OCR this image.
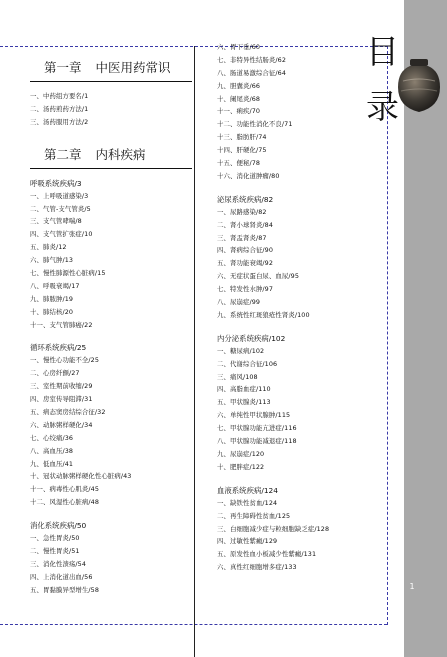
目
录
1
第一章 中医用药常识
一、中药组方要名/1
二、汤药煎药方法/1
三、汤药服用方法/2
第二章 内科疾病
呼吸系统疾病/3
一、上呼吸道感染/3
二、气管-支气管炎/5
三、支气管哮喘/8
四、支气管扩张症/10
五、肺炎/12
六、肺气肿/13
七、慢性肺源性心脏病/15
八、呼吸衰竭/17
九、肺脓肿/19
十、肺结核/20
十一、支气管肺癌/22
循环系统疾病/25
一、慢性心功能不全/25
二、心房纤颤/27
三、室性期前收缩/29
四、房室传导阻滞/31
五、病态窦房结综合征/32
六、动脉粥样硬化/34
七、心绞痛/36
八、高血压/38
九、低血压/41
十、冠状动脉粥样硬化性心脏病/43
十一、病毒性心肌炎/45
十二、风湿性心脏病/48
消化系统疾病/50
一、急性胃炎/50
二、慢性胃炎/51
三、消化性溃疡/54
四、上消化道出血/56
五、胃黏膜异型增生/58
六、胃下垂/60
七、非特异性结肠炎/62
八、肠道易激综合征/64
九、胆囊炎/66
十、阑尾炎/68
十一、痢疾/70
十二、功能性消化不良/71
十三、脂肪肝/74
十四、肝硬化/75
十五、便秘/78
十六、消化道肿瘤/80
泌尿系统疾病/82
一、尿路感染/82
二、肾小球肾炎/84
三、肾盂肾炎/87
四、肾病综合征/90
五、肾功能衰竭/92
六、无症状蛋白尿、血尿/95
七、特发性水肿/97
八、尿崩症/99
九、系统性红斑狼疮性肾炎/100
内分泌系统疾病/102
一、糖尿病/102
二、代谢综合征/106
三、痛风/108
四、高脂血症/110
五、甲状腺炎/113
六、单纯性甲状腺肿/115
七、甲状腺功能亢进症/116
八、甲状腺功能减退症/118
九、尿崩症/120
十、肥胖症/122
血液系统疾病/124
一、缺铁性贫血/124
二、再生障碍性贫血/125
三、白细胞减少症与粒细胞缺乏症/128
四、过敏性紫癜/129
五、原发性血小板减少性紫癜/131
六、真性红细胞增多症/133
